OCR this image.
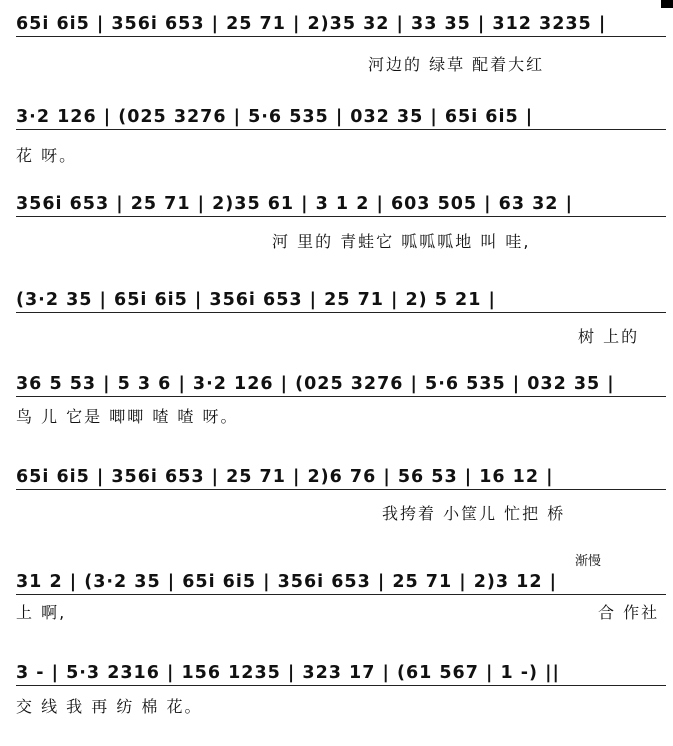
65i 6i5 | 356i 653 | 25 71 | 2)35 32 | 33 35 | 312 3235 |
河边的 绿草 配着大红
3·2 126 | (025 3276 | 5·6 535 | 032 35 | 65i 6i5 |
花 呀。
356i 653 | 25 71 | 2)35 61 | 3 1 2 | 603 505 | 63 32 |
河 里的 青蛙它 呱呱呱地 叫 哇,
(3·2 35 | 65i 6i5 | 356i 653 | 25 71 | 2) 5 21 |
树 上的
36 5 53 | 5 3 6 | 3·2 126 | (025 3276 | 5·6 535 | 032 35 |
鸟 儿 它是 唧唧 喳 喳 呀。
65i 6i5 | 356i 653 | 25 71 | 2)6 76 | 56 53 | 16 12 |
我挎着 小筐儿 忙把 桥
渐慢
31 2 | (3·2 35 | 65i 6i5 | 356i 653 | 25 71 | 2)3 12 |
上 啊,	合 作社
3 - | 5·3 2316 | 156 1235 | 323 17 | (61 567 | 1 -) ||
交 线 我 再 纺 棉 花。
